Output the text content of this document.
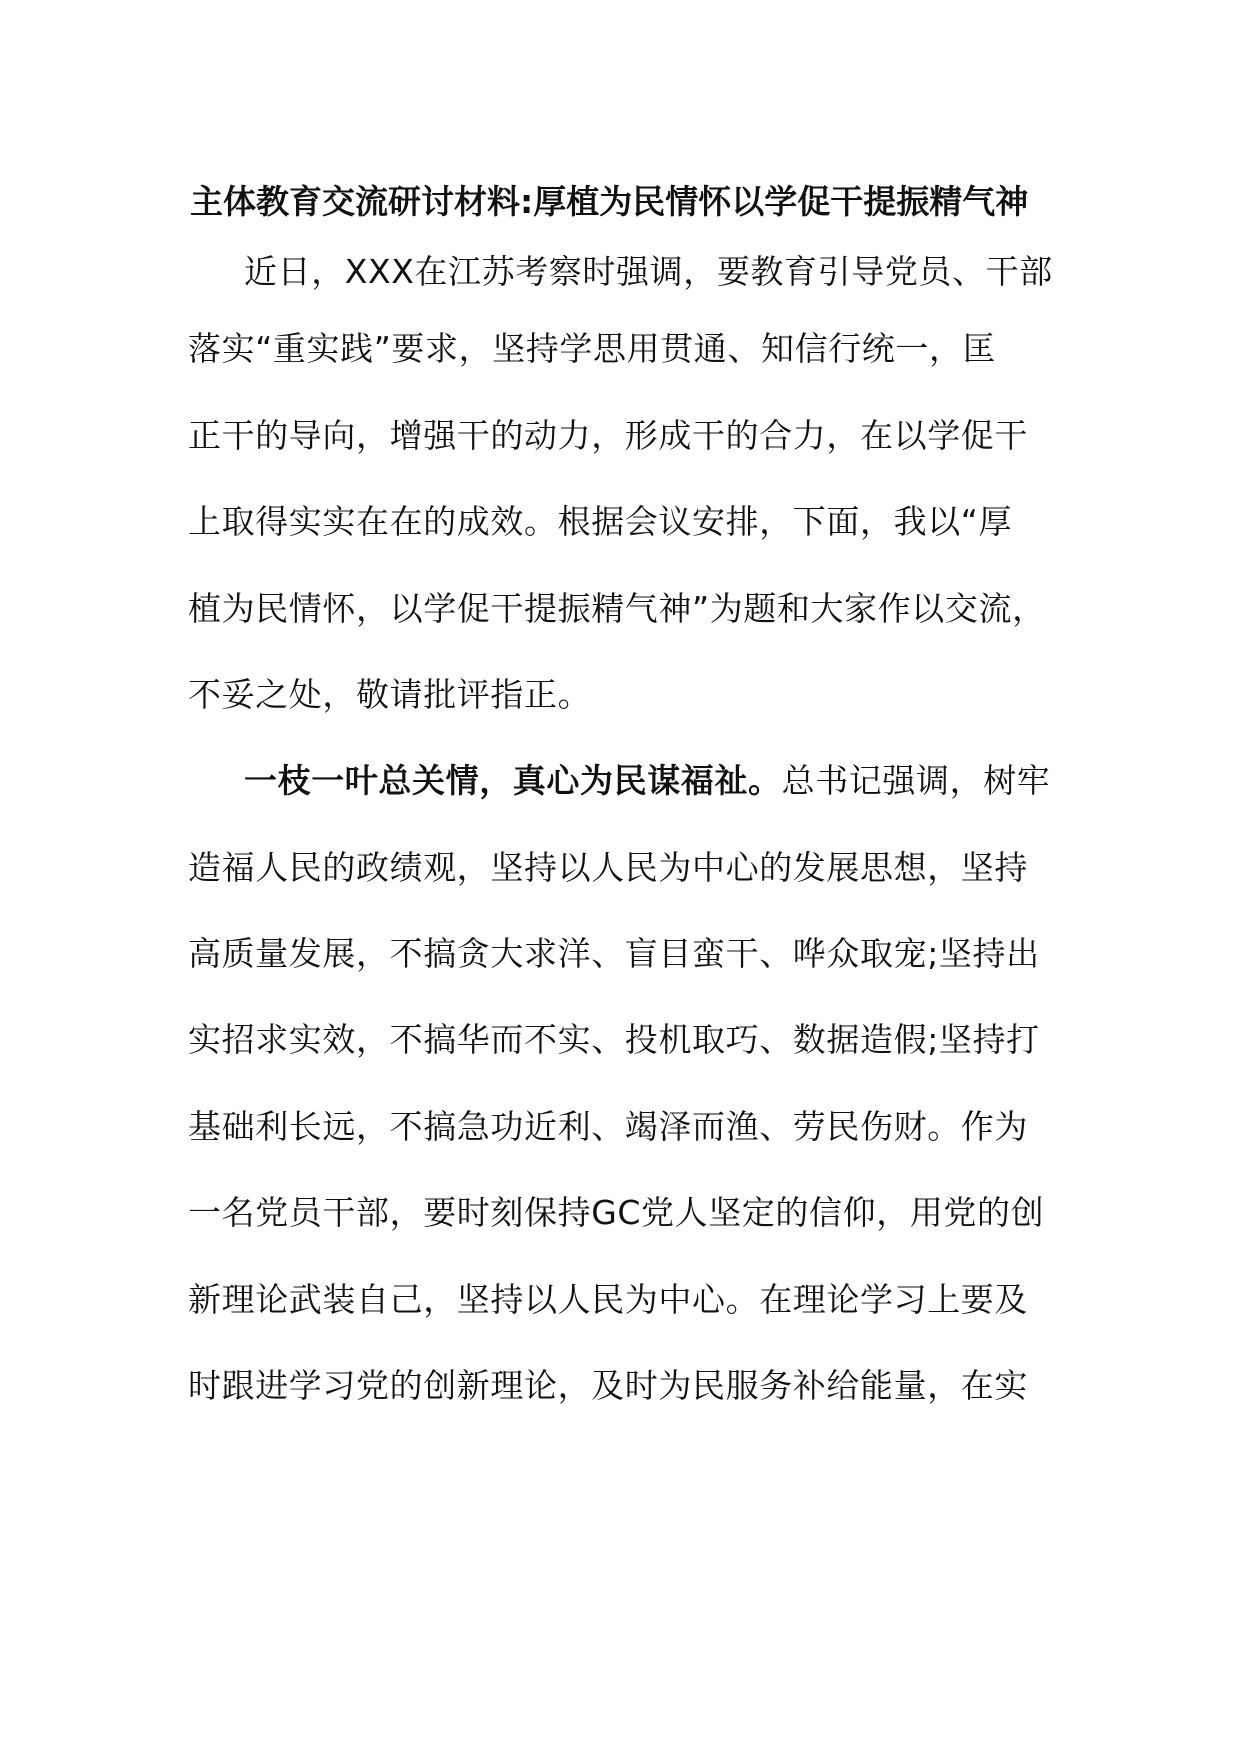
主体教育交流研讨材料:厚植为民情怀以学促干提振精气神
近日，XXX在江苏考察时强调，要教育引导党员、干部
落实“重实践”要求，坚持学思用贯通、知信行统一，匡
正干的导向，增强干的动力，形成干的合力，在以学促干
上取得实实在在的成效。根据会议安排，下面，我以“厚
植为民情怀，以学促干提振精气神”为题和大家作以交流，
不妥之处，敬请批评指正。
一枝一叶总关情，真心为民谋福祉。总书记强调，树牢
造福人民的政绩观，坚持以人民为中心的发展思想，坚持
高质量发展，不搞贪大求洋、盲目蛮干、哗众取宠;坚持出
实招求实效，不搞华而不实、投机取巧、数据造假;坚持打
基础利长远，不搞急功近利、竭泽而渔、劳民伤财。作为
一名党员干部，要时刻保持GC党人坚定的信仰，用党的创
新理论武装自己，坚持以人民为中心。在理论学习上要及
时跟进学习党的创新理论，及时为民服务补给能量，在实
